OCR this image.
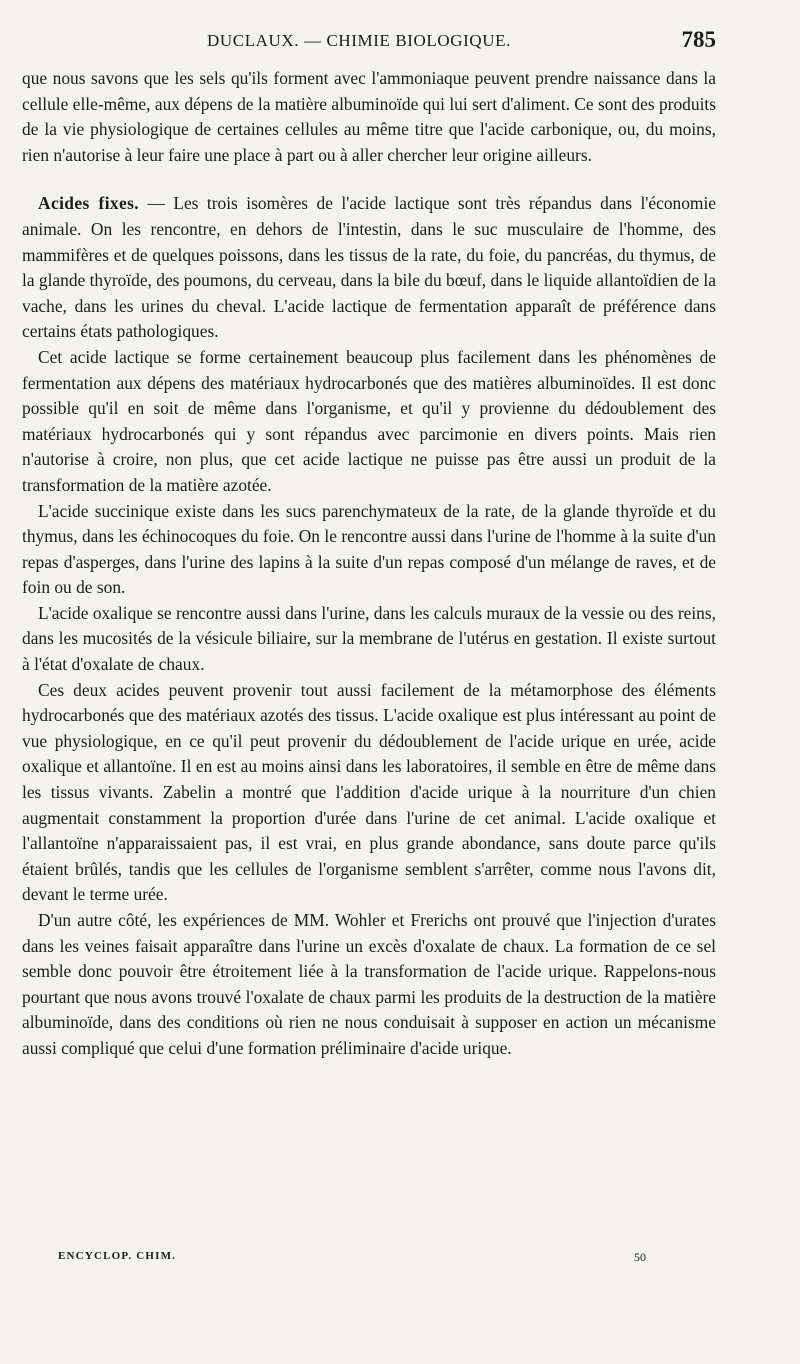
DUCLAUX. — CHIMIE BIOLOGIQUE.	785

que nous savons que les sels qu'ils forment avec l'ammoniaque peuvent prendre naissance dans la cellule elle-même, aux dépens de la matière albuminoïde qui lui sert d'aliment. Ce sont des produits de la vie physiologique de certaines cellules au même titre que l'acide carbonique, ou, du moins, rien n'autorise à leur faire une place à part ou à aller chercher leur origine ailleurs.

Acides fixes. — Les trois isomères de l'acide lactique sont très répandus dans l'économie animale. On les rencontre, en dehors de l'intestin, dans le suc musculaire de l'homme, des mammifères et de quelques poissons, dans les tissus de la rate, du foie, du pancréas, du thymus, de la glande thyroïde, des poumons, du cerveau, dans la bile du bœuf, dans le liquide allantoïdien de la vache, dans les urines du cheval. L'acide lactique de fermentation apparaît de préférence dans certains états pathologiques.

Cet acide lactique se forme certainement beaucoup plus facilement dans les phénomènes de fermentation aux dépens des matériaux hydrocarbonés que des matières albuminoïdes. Il est donc possible qu'il en soit de même dans l'organisme, et qu'il y provienne du dédoublement des matériaux hydrocarbonés qui y sont répandus avec parcimonie en divers points. Mais rien n'autorise à croire, non plus, que cet acide lactique ne puisse pas être aussi un produit de la transformation de la matière azotée.

L'acide succinique existe dans les sucs parenchymateux de la rate, de la glande thyroïde et du thymus, dans les échinocoques du foie. On le rencontre aussi dans l'urine de l'homme à la suite d'un repas d'asperges, dans l'urine des lapins à la suite d'un repas composé d'un mélange de raves, et de foin ou de son.

L'acide oxalique se rencontre aussi dans l'urine, dans les calculs muraux de la vessie ou des reins, dans les mucosités de la vésicule biliaire, sur la membrane de l'utérus en gestation. Il existe surtout à l'état d'oxalate de chaux.

Ces deux acides peuvent provenir tout aussi facilement de la métamorphose des éléments hydrocarbonés que des matériaux azotés des tissus. L'acide oxalique est plus intéressant au point de vue physiologique, en ce qu'il peut provenir du dédoublement de l'acide urique en urée, acide oxalique et allantoïne. Il en est au moins ainsi dans les laboratoires, il semble en être de même dans les tissus vivants. Zabelin a montré que l'addition d'acide urique à la nourriture d'un chien augmentait constamment la proportion d'urée dans l'urine de cet animal. L'acide oxalique et l'allantoïne n'apparaissaient pas, il est vrai, en plus grande abondance, sans doute parce qu'ils étaient brûlés, tandis que les cellules de l'organisme semblent s'arrêter, comme nous l'avons dit, devant le terme urée.

D'un autre côté, les expériences de MM. Wohler et Frerichs ont prouvé que l'injection d'urates dans les veines faisait apparaître dans l'urine un excès d'oxalate de chaux. La formation de ce sel semble donc pouvoir être étroitement liée à la transformation de l'acide urique. Rappelons-nous pourtant que nous avons trouvé l'oxalate de chaux parmi les produits de la destruction de la matière albuminoïde, dans des conditions où rien ne nous conduisait à supposer en action un mécanisme aussi compliqué que celui d'une formation préliminaire d'acide urique.

ENCYCLOP. CHIM.	50
